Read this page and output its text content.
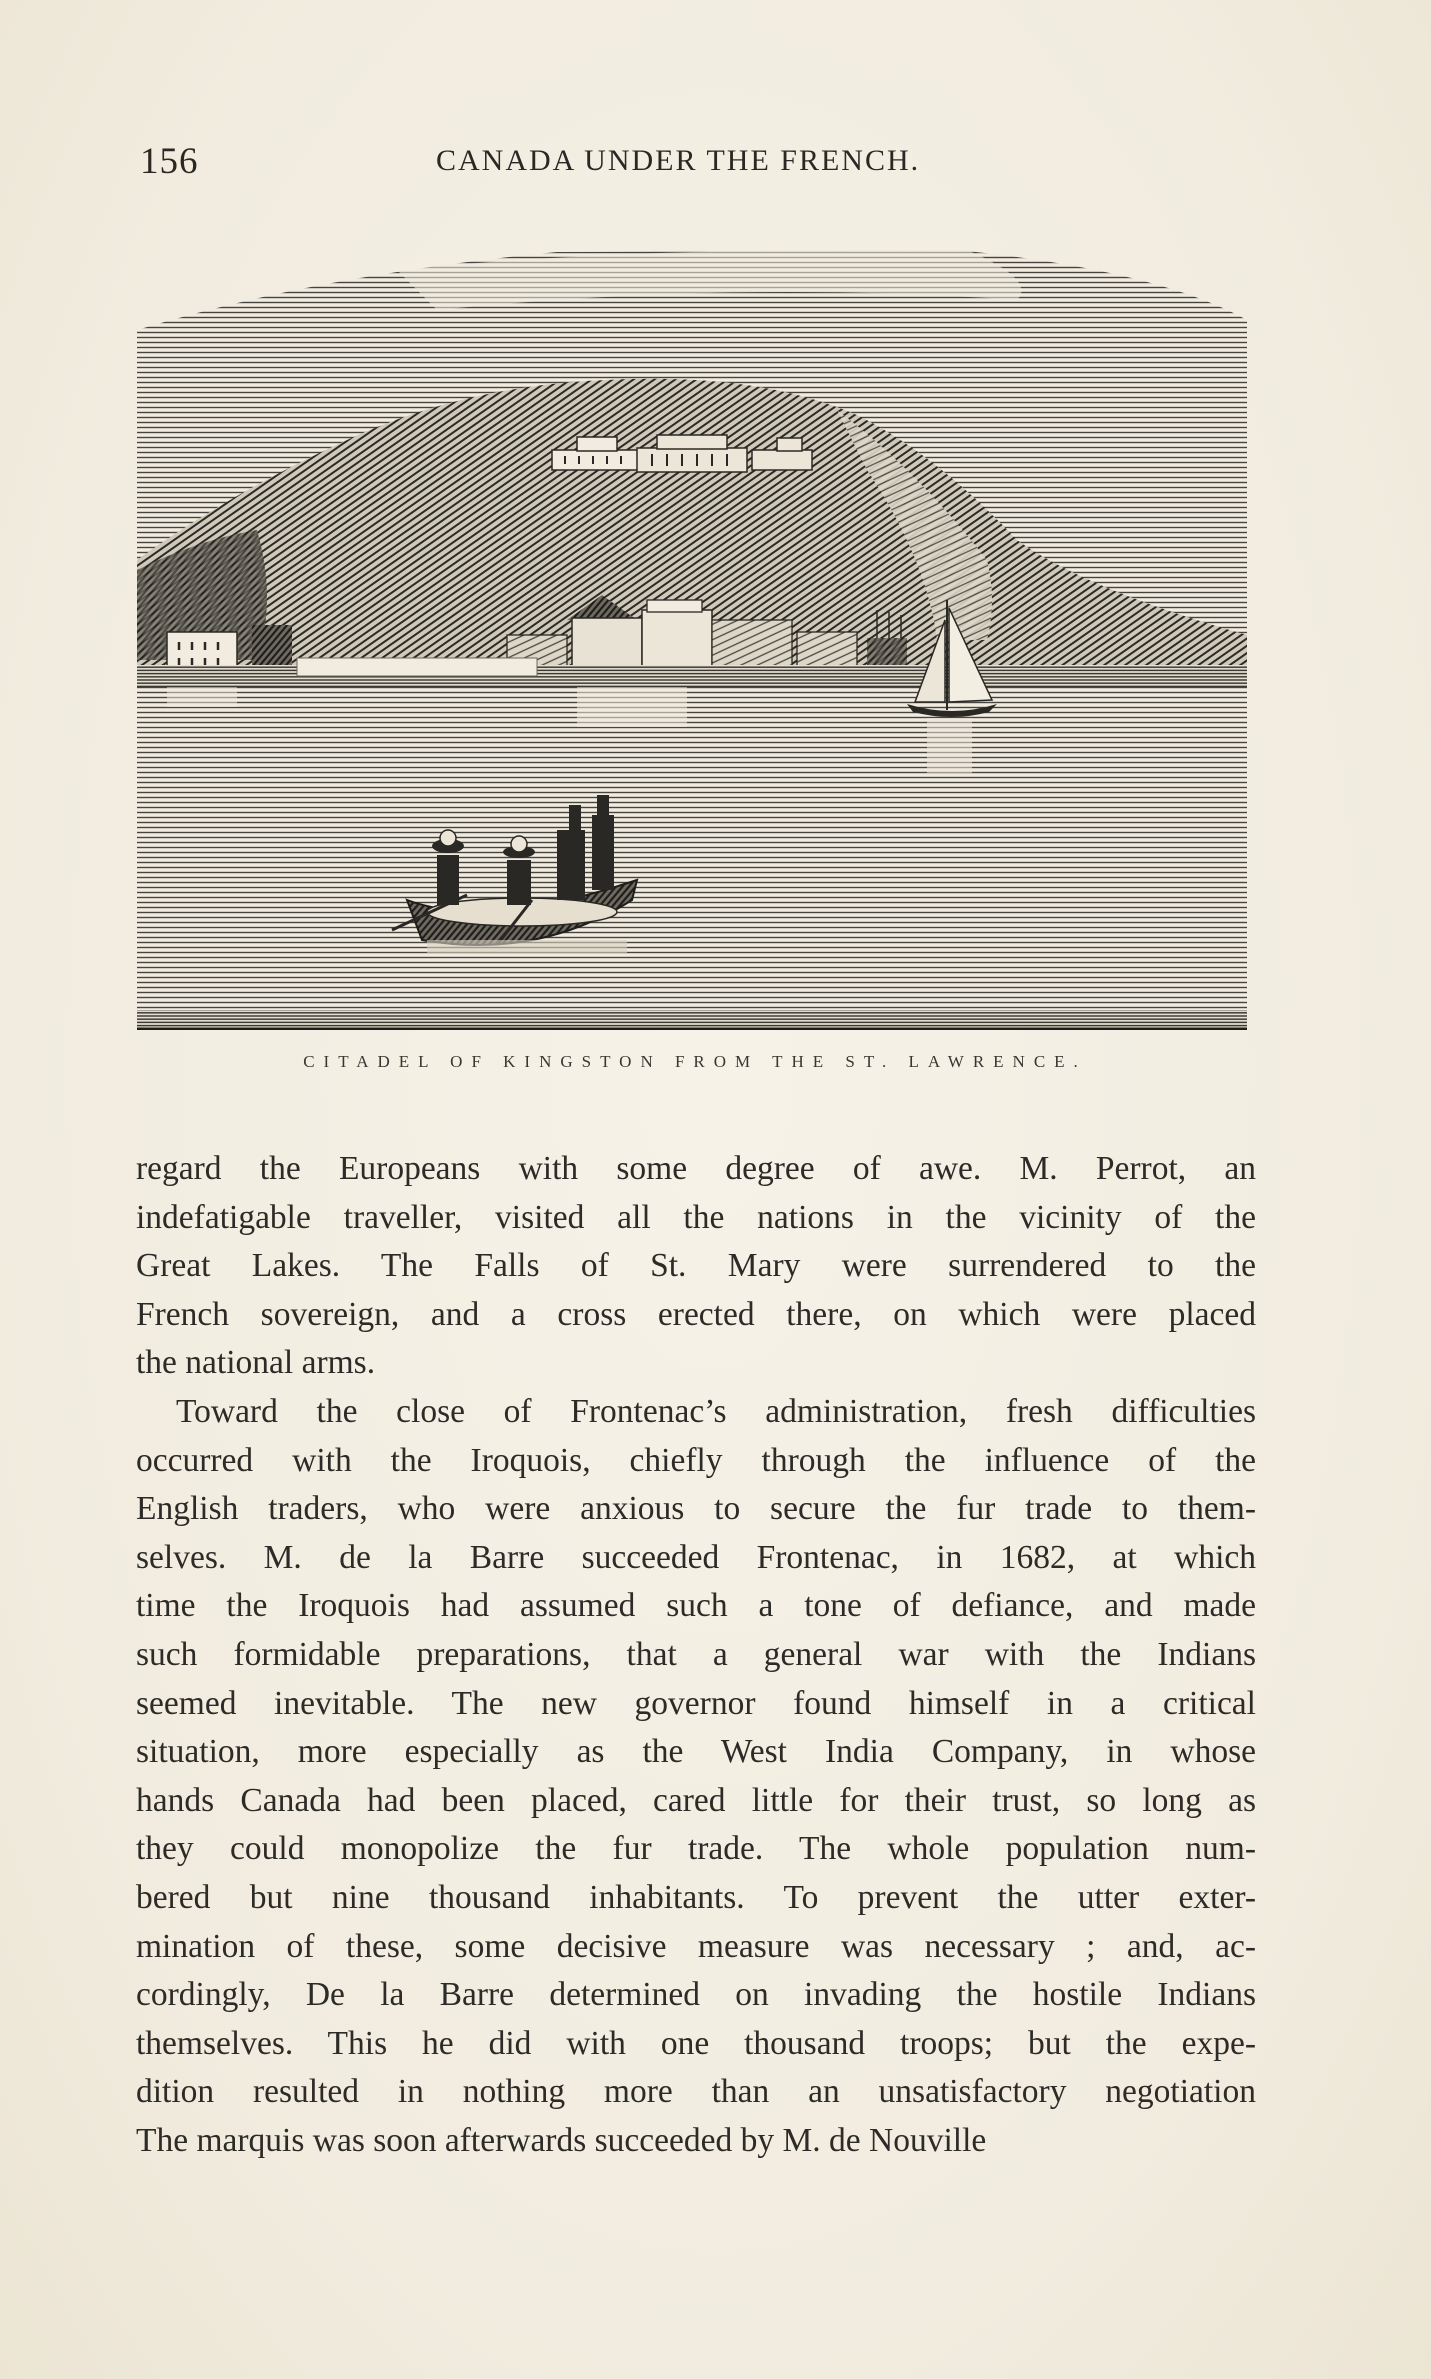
156	CANADA UNDER THE FRENCH.
CITADEL OF KINGSTON FROM THE ST. LAWRENCE.
regard the Europeans with some degree of awe. M. Perrot, an
indefatigable traveller, visited all the nations in the vicinity of the
Great Lakes. The Falls of St. Mary were surrendered to the
French sovereign, and a cross erected there, on which were placed
the national arms.
Toward the close of Frontenac’s administration, fresh difficulties
occurred with the Iroquois, chiefly through the influence of the
English traders, who were anxious to secure the fur trade to them-
selves. M. de la Barre succeeded Frontenac, in 1682, at which
time the Iroquois had assumed such a tone of defiance, and made
such formidable preparations, that a general war with the Indians
seemed inevitable. The new governor found himself in a critical
situation, more especially as the West India Company, in whose
hands Canada had been placed, cared little for their trust, so long as
they could monopolize the fur trade. The whole population num-
bered but nine thousand inhabitants. To prevent the utter exter-
mination of these, some decisive measure was necessary ; and, ac-
cordingly, De la Barre determined on invading the hostile Indians
themselves. This he did with one thousand troops; but the expe-
dition resulted in nothing more than an unsatisfactory negotiation
The marquis was soon afterwards succeeded by M. de Nouville
